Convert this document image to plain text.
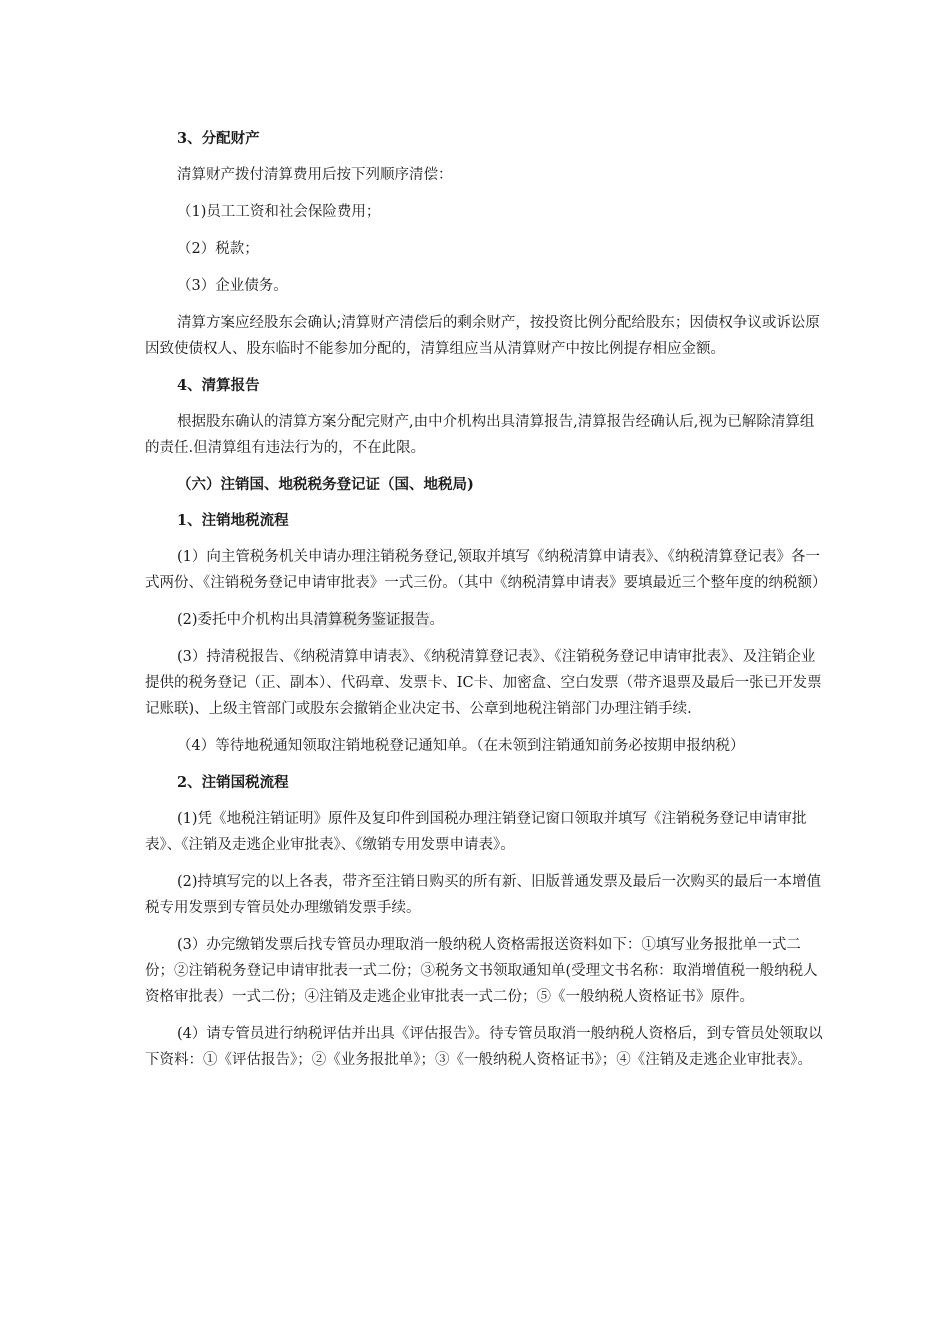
3、分配财产

清算财产拨付清算费用后按下列顺序清偿：

（1)员工工资和社会保险费用；

（2）税款；

（3）企业债务。

清算方案应经股东会确认;清算财产清偿后的剩余财产，按投资比例分配给股东；因债权争议或诉讼原因致使债权人、股东临时不能参加分配的，清算组应当从清算财产中按比例提存相应金额。

4、清算报告

根据股东确认的清算方案分配完财产,由中介机构出具清算报告,清算报告经确认后,视为已解除清算组的责任.但清算组有违法行为的，不在此限。

（六）注销国、地税税务登记证（国、地税局)

1、注销地税流程

(1）向主管税务机关申请办理注销税务登记,领取并填写《纳税清算申请表》、《纳税清算登记表》各一式两份、《注销税务登记申请审批表》一式三份。（其中《纳税清算申请表》要填最近三个整年度的纳税额）

(2)委托中介机构出具清算税务鉴证报告。

(3）持清税报告、《纳税清算申请表》、《纳税清算登记表》、《注销税务登记申请审批表》、及注销企业提供的税务登记（正、副本）、代码章、发票卡、IC卡、加密盒、空白发票（带齐退票及最后一张已开发票记账联)、上级主管部门或股东会撤销企业决定书、公章到地税注销部门办理注销手续.

（4）等待地税通知领取注销地税登记通知单。（在未领到注销通知前务必按期申报纳税）

2、注销国税流程

(1)凭《地税注销证明》原件及复印件到国税办理注销登记窗口领取并填写《注销税务登记申请审批表》、《注销及走逃企业审批表》、《缴销专用发票申请表》。

(2)持填写完的以上各表，带齐至注销日购买的所有新、旧版普通发票及最后一次购买的最后一本增值税专用发票到专管员处办理缴销发票手续。

(3）办完缴销发票后找专管员办理取消一般纳税人资格需报送资料如下：①填写业务报批单一式二份；②注销税务登记申请审批表一式二份；③税务文书领取通知单(受理文书名称：取消增值税一般纳税人资格审批表）一式二份；④注销及走逃企业审批表一式二份；⑤《一般纳税人资格证书》原件。

(4）请专管员进行纳税评估并出具《评估报告》。待专管员取消一般纳税人资格后，到专管员处领取以下资料：①《评估报告》；②《业务报批单》；③《一般纳税人资格证书》；④《注销及走逃企业审批表》。
